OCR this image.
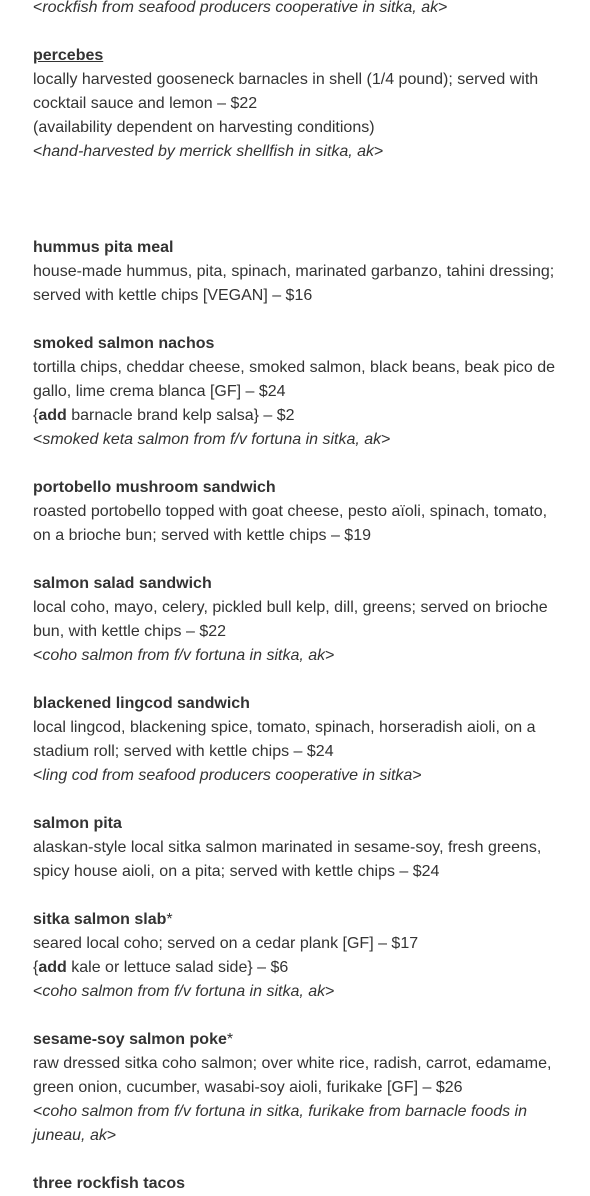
<rockfish from seafood producers cooperative in sitka, ak>

percebes

locally harvested gooseneck barnacles in shell (1/4 pound); served with cocktail sauce and lemon – $22

(availability dependent on harvesting conditions)

<hand-harvested by merrick shellfish in sitka, ak>

hummus pita meal

house-made hummus, pita, spinach, marinated garbanzo, tahini dressing; served with kettle chips [VEGAN] – $16

smoked salmon nachos

tortilla chips, cheddar cheese, smoked salmon, black beans, beak pico de gallo, lime crema blanca [GF] – $24

{add barnacle brand kelp salsa} – $2

<smoked keta salmon from f/v fortuna in sitka, ak>

portobello mushroom sandwich

roasted portobello topped with goat cheese, pesto aïoli, spinach, tomato, on a brioche bun; served with kettle chips – $19

salmon salad sandwich

local coho, mayo, celery, pickled bull kelp, dill, greens; served on brioche bun, with kettle chips – $22

<coho salmon from f/v fortuna in sitka, ak>

blackened lingcod sandwich

local lingcod, blackening spice, tomato, spinach, horseradish aioli, on a stadium roll; served with kettle chips – $24

<ling cod from seafood producers cooperative in sitka>

salmon pita

alaskan-style local sitka salmon marinated in sesame-soy, fresh greens, spicy house aioli, on a pita; served with kettle chips – $24

sitka salmon slab*

seared local coho; served on a cedar plank [GF] – $17

{add kale or lettuce salad side} – $6

<coho salmon from f/v fortuna in sitka, ak>

sesame-soy salmon poke*

raw dressed sitka coho salmon; over white rice, radish, carrot, edamame, green onion, cucumber, wasabi-soy aioli, furikake [GF] – $26

<coho salmon from f/v fortuna in sitka, furikake from barnacle foods in juneau, ak>

three rockfish tacos
